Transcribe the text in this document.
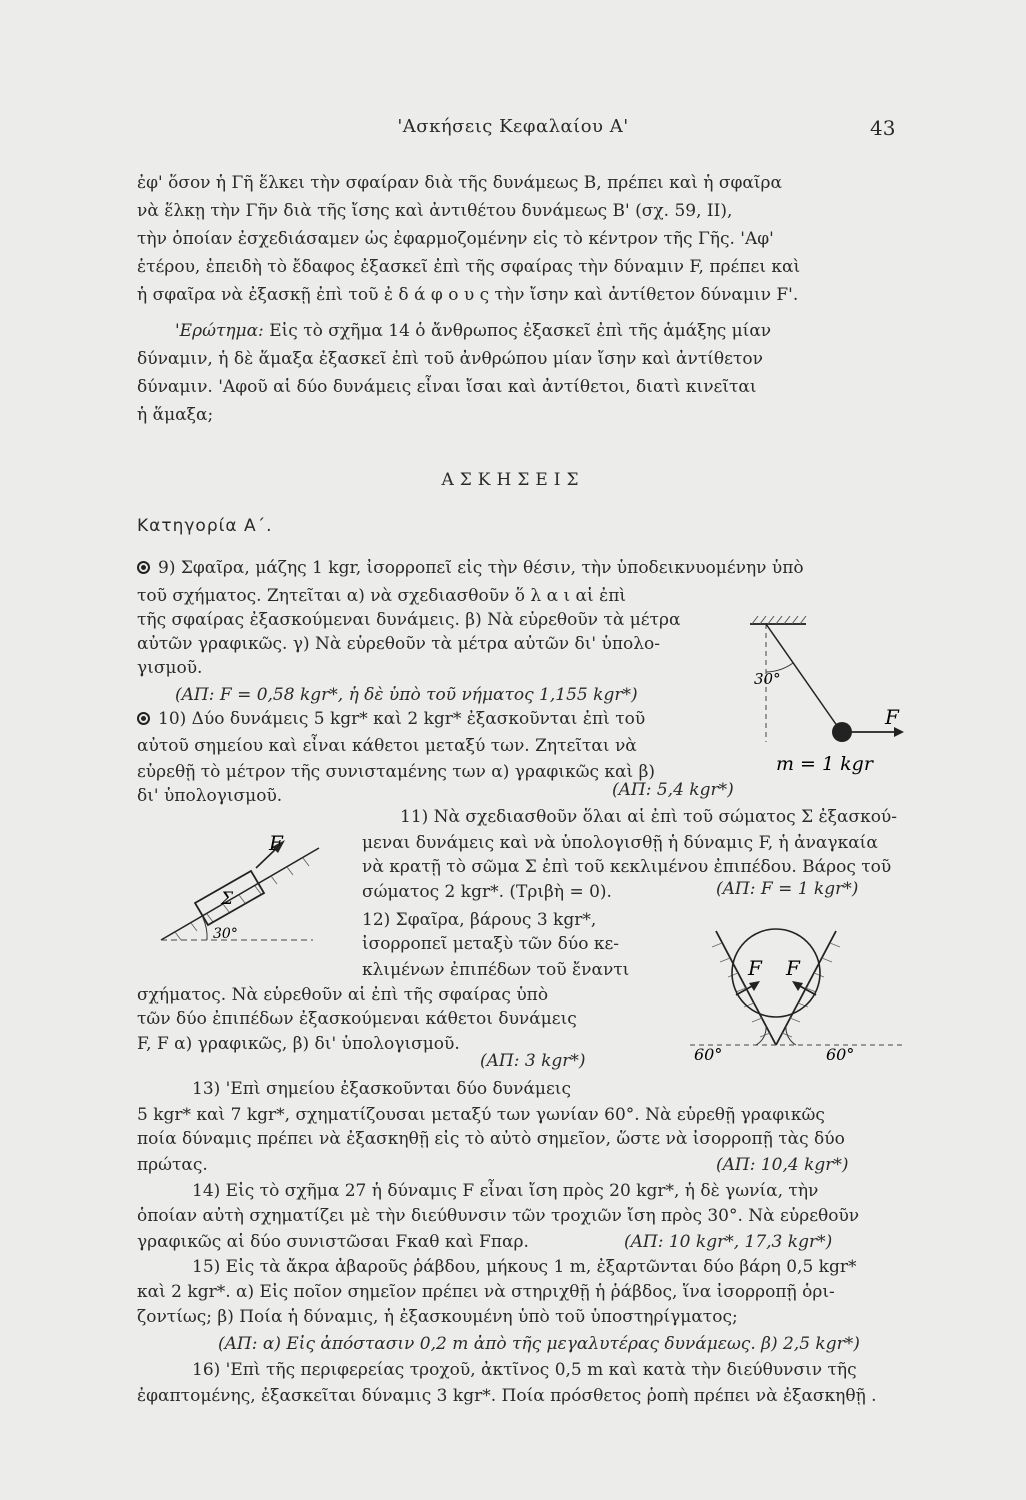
'Ασκήσεις Κεφαλαίου Α'	43
ἐφ' ὅσον ἡ Γῆ ἕλκει τὴν σφαίραν διὰ τῆς δυνάμεως B, πρέπει καὶ ἡ σφαῖρα
νὰ ἕλκῃ τὴν Γῆν διὰ τῆς ἴσης καὶ ἀντιθέτου δυνάμεως B' (σχ. 59, II),
τὴν ὁποίαν ἐσχεδιάσαμεν ὡς ἐφαρμοζομένην εἰς τὸ κέντρον τῆς Γῆς. 'Αφ'
ἑτέρου, ἐπειδὴ τὸ ἔδαφος ἐξασκεῖ ἐπὶ τῆς σφαίρας τὴν δύναμιν F, πρέπει καὶ
ἡ σφαῖρα νὰ ἐξασκῇ ἐπὶ τοῦ ἐ δ ά φ ο υ ς τὴν ἴσην καὶ ἀντίθετον δύναμιν F'.
'Ερώτημα: Εἰς τὸ σχῆμα 14 ὁ ἄνθρωπος ἐξασκεῖ ἐπὶ τῆς ἁμάξης μίαν
δύναμιν, ἡ δὲ ἅμαξα ἐξασκεῖ ἐπὶ τοῦ ἀνθρώπου μίαν ἴσην καὶ ἀντίθετον
δύναμιν. 'Αφοῦ αἱ δύο δυνάμεις εἶναι ἴσαι καὶ ἀντίθετοι, διατὶ κινεῖται
ἡ ἅμαξα;
ΑΣΚΗΣΕΙΣ
Κατηγορία Α΄.
9) Σφαῖρα, μάζης 1 kgr, ἰσορροπεῖ εἰς τὴν θέσιν, τὴν ὑποδεικνυομένην ὑπὸ
τοῦ σχήματος. Ζητεῖται α) νὰ σχεδιασθοῦν ὅ λ α ι αἱ ἐπὶ
τῆς σφαίρας ἐξασκούμεναι δυνάμεις. β) Νὰ εὑρεθοῦν τὰ μέτρα
αὐτῶν γραφικῶς. γ) Νὰ εὑρεθοῦν τὰ μέτρα αὐτῶν δι' ὑπολο-
γισμοῦ.
(ΑΠ: F = 0,58 kgr*, ἡ δὲ ὑπὸ τοῦ νήματος 1,155 kgr*)
10) Δύο δυνάμεις 5 kgr* καὶ 2 kgr* ἐξασκοῦνται ἐπὶ τοῦ
αὐτοῦ σημείου καὶ εἶναι κάθετοι μεταξύ των. Ζητεῖται νὰ
εὑρεθῇ τὸ μέτρον τῆς συνισταμένης των α) γραφικῶς καὶ β)
δι' ὑπολογισμοῦ.	(ΑΠ: 5,4 kgr*)
11) Νὰ σχεδιασθοῦν ὅλαι αἱ ἐπὶ τοῦ σώματος Σ ἐξασκού-
μεναι δυνάμεις καὶ νὰ ὑπολογισθῇ ἡ δύναμις F, ἡ ἀναγκαία
νὰ κρατῇ τὸ σῶμα Σ ἐπὶ τοῦ κεκλιμένου ἐπιπέδου. Βάρος τοῦ
σώματος 2 kgr*. (Τριβὴ = 0).	(ΑΠ: F = 1 kgr*)
12) Σφαῖρα, βάρους 3 kgr*,
ἰσορροπεῖ μεταξὺ τῶν δύο κε-
κλιμένων ἐπιπέδων τοῦ ἔναντι
σχήματος. Νὰ εὑρεθοῦν αἱ ἐπὶ τῆς σφαίρας ὑπὸ
τῶν δύο ἐπιπέδων ἐξασκούμεναι κάθετοι δυνάμεις
F, F α) γραφικῶς, β) δι' ὑπολογισμοῦ.
(ΑΠ: 3 kgr*)
13) 'Επὶ σημείου ἐξασκοῦνται δύο δυνάμεις
5 kgr* καὶ 7 kgr*, σχηματίζουσαι μεταξύ των γωνίαν 60°. Νὰ εὑρεθῇ γραφικῶς
ποία δύναμις πρέπει νὰ ἐξασκηθῇ εἰς τὸ αὐτὸ σημεῖον, ὥστε νὰ ἰσορροπῇ τὰς δύο
πρώτας.	(ΑΠ: 10,4 kgr*)
14) Εἰς τὸ σχῆμα 27 ἡ δύναμις F εἶναι ἴση πρὸς 20 kgr*, ἡ δὲ γωνία, τὴν
ὁποίαν αὐτὴ σχηματίζει μὲ τὴν διεύθυνσιν τῶν τροχιῶν ἴση πρὸς 30°. Νὰ εὑρεθοῦν
γραφικῶς αἱ δύο συνιστῶσαι Fκαθ καὶ Fπαρ.	(ΑΠ: 10 kgr*, 17,3 kgr*)
15) Εἰς τὰ ἄκρα ἀβαροῦς ῥάβδου, μήκους 1 m, ἐξαρτῶνται δύο βάρη 0,5 kgr*
καὶ 2 kgr*. α) Εἰς ποῖον σημεῖον πρέπει νὰ στηριχθῇ ἡ ῥάβδος, ἵνα ἰσορροπῇ ὁρι-
ζοντίως; β) Ποία ἡ δύναμις, ἡ ἐξασκουμένη ὑπὸ τοῦ ὑποστηρίγματος;
(ΑΠ: α) Εἰς ἀπόστασιν 0,2 m ἀπὸ τῆς μεγαλυτέρας δυνάμεως. β) 2,5 kgr*)
16) 'Επὶ τῆς περιφερείας τροχοῦ, ἀκτῖνος 0,5 m καὶ κατὰ τὴν διεύθυνσιν τῆς
ἐφαπτομένης, ἐξασκεῖται δύναμις 3 kgr*. Ποία πρόσθετος ῥοπὴ πρέπει νὰ ἐξασκηθῇ .
30°
F
m = 1 kgr
F
Σ
30°
F F
60°	60°
